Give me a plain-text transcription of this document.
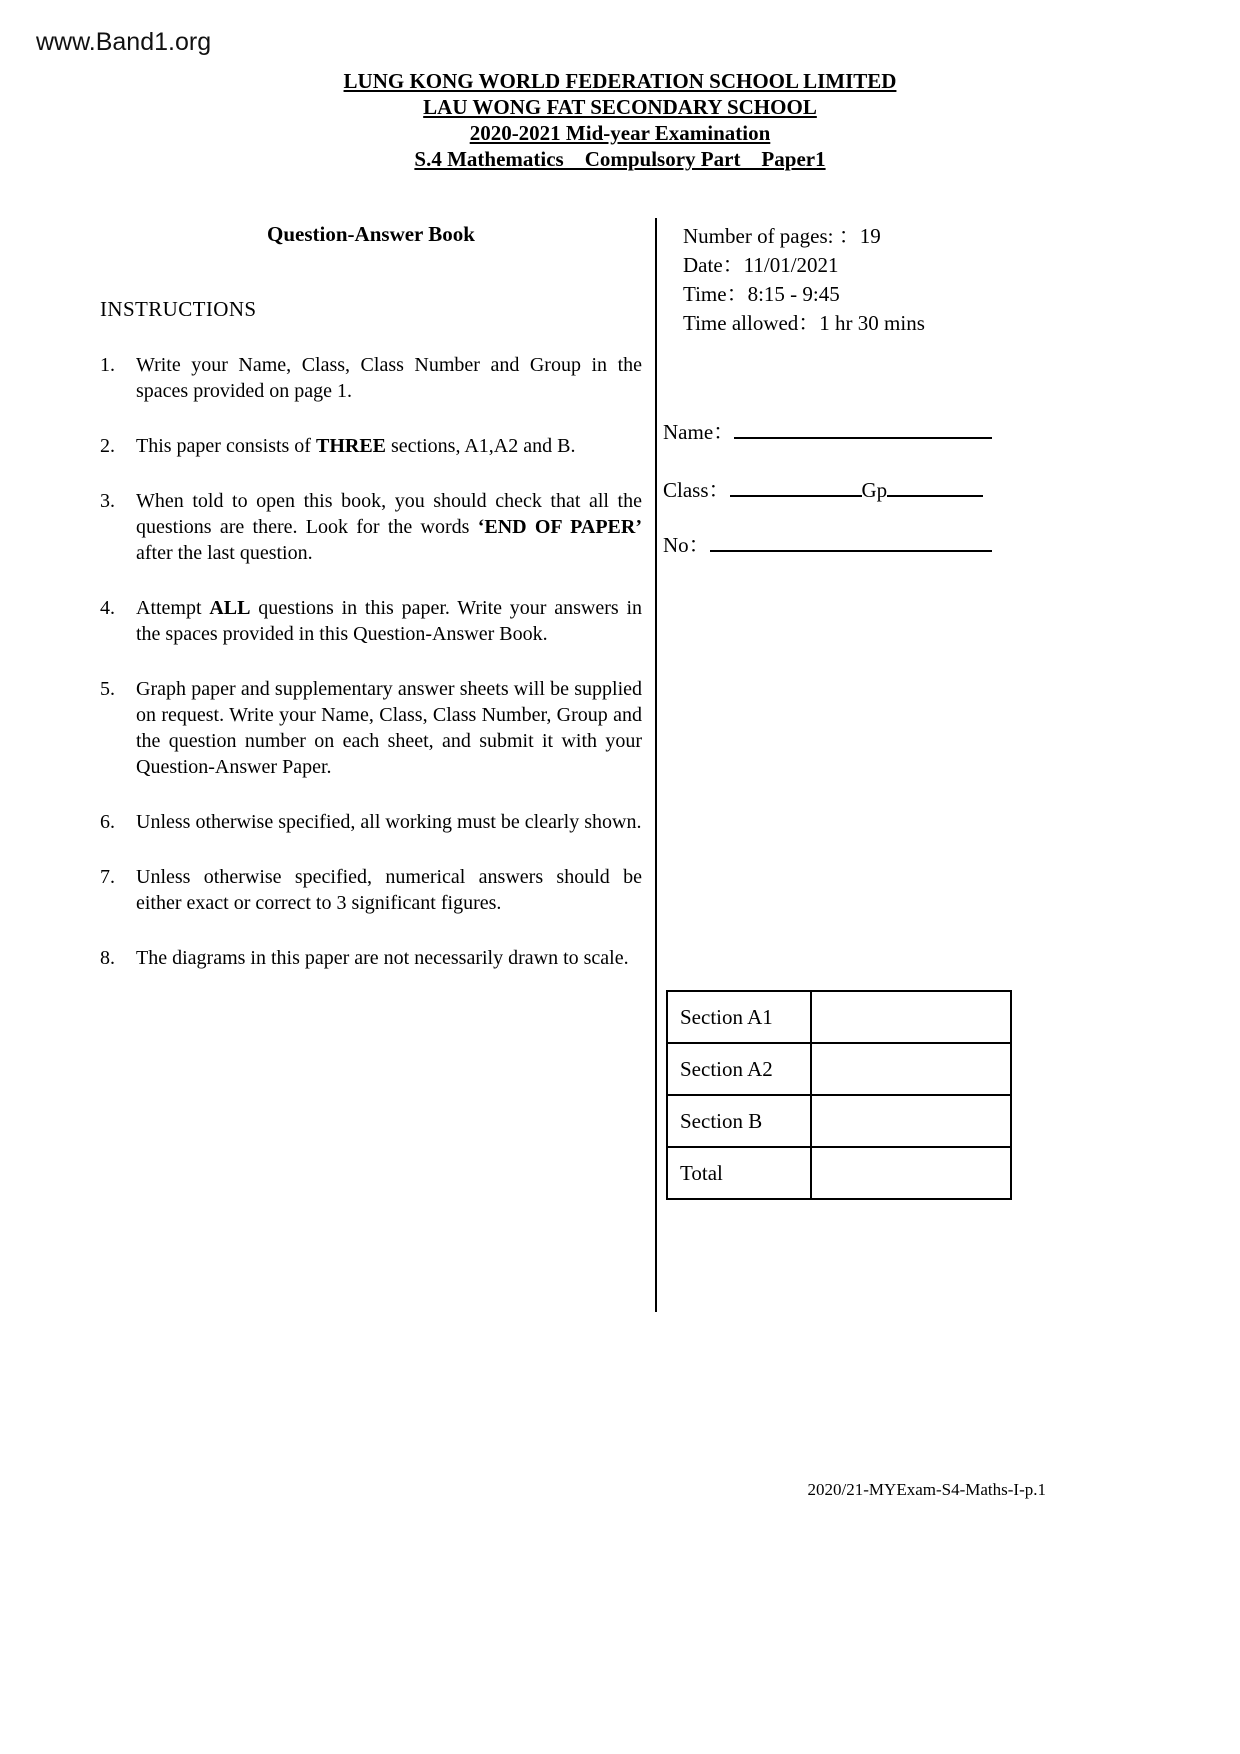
www.Band1.org
LUNG KONG WORLD FEDERATION SCHOOL LIMITED
LAU WONG FAT SECONDARY SCHOOL
2020-2021 Mid-year Examination
S.4 Mathematics    Compulsory Part    Paper1
Question-Answer Book
INSTRUCTIONS
1.	Write your Name, Class, Class Number and Group in the spaces provided on page 1.
2.	This paper consists of THREE sections, A1,A2 and B.
3.	When told to open this book, you should check that all the questions are there. Look for the words ‘END OF PAPER’ after the last question.
4.	Attempt ALL questions in this paper. Write your answers in the spaces provided in this Question-Answer Book.
5.	Graph paper and supplementary answer sheets will be supplied on request. Write your Name, Class, Class Number, Group and the question number on each sheet, and submit it with your Question-Answer Paper.
6.	Unless otherwise specified, all working must be clearly shown.
7.	Unless otherwise specified, numerical answers should be either exact or correct to 3 significant figures.
8.	The diagrams in this paper are not necessarily drawn to scale.
Number of pages: ：19
Date：11/01/2021
Time：8:15 - 9:45
Time allowed：1 hr 30 mins
Name：
Class：	Gp
No：
Section A1	
Section A2	
Section B	
Total	
2020/21-MYExam-S4-Maths-I-p.1
